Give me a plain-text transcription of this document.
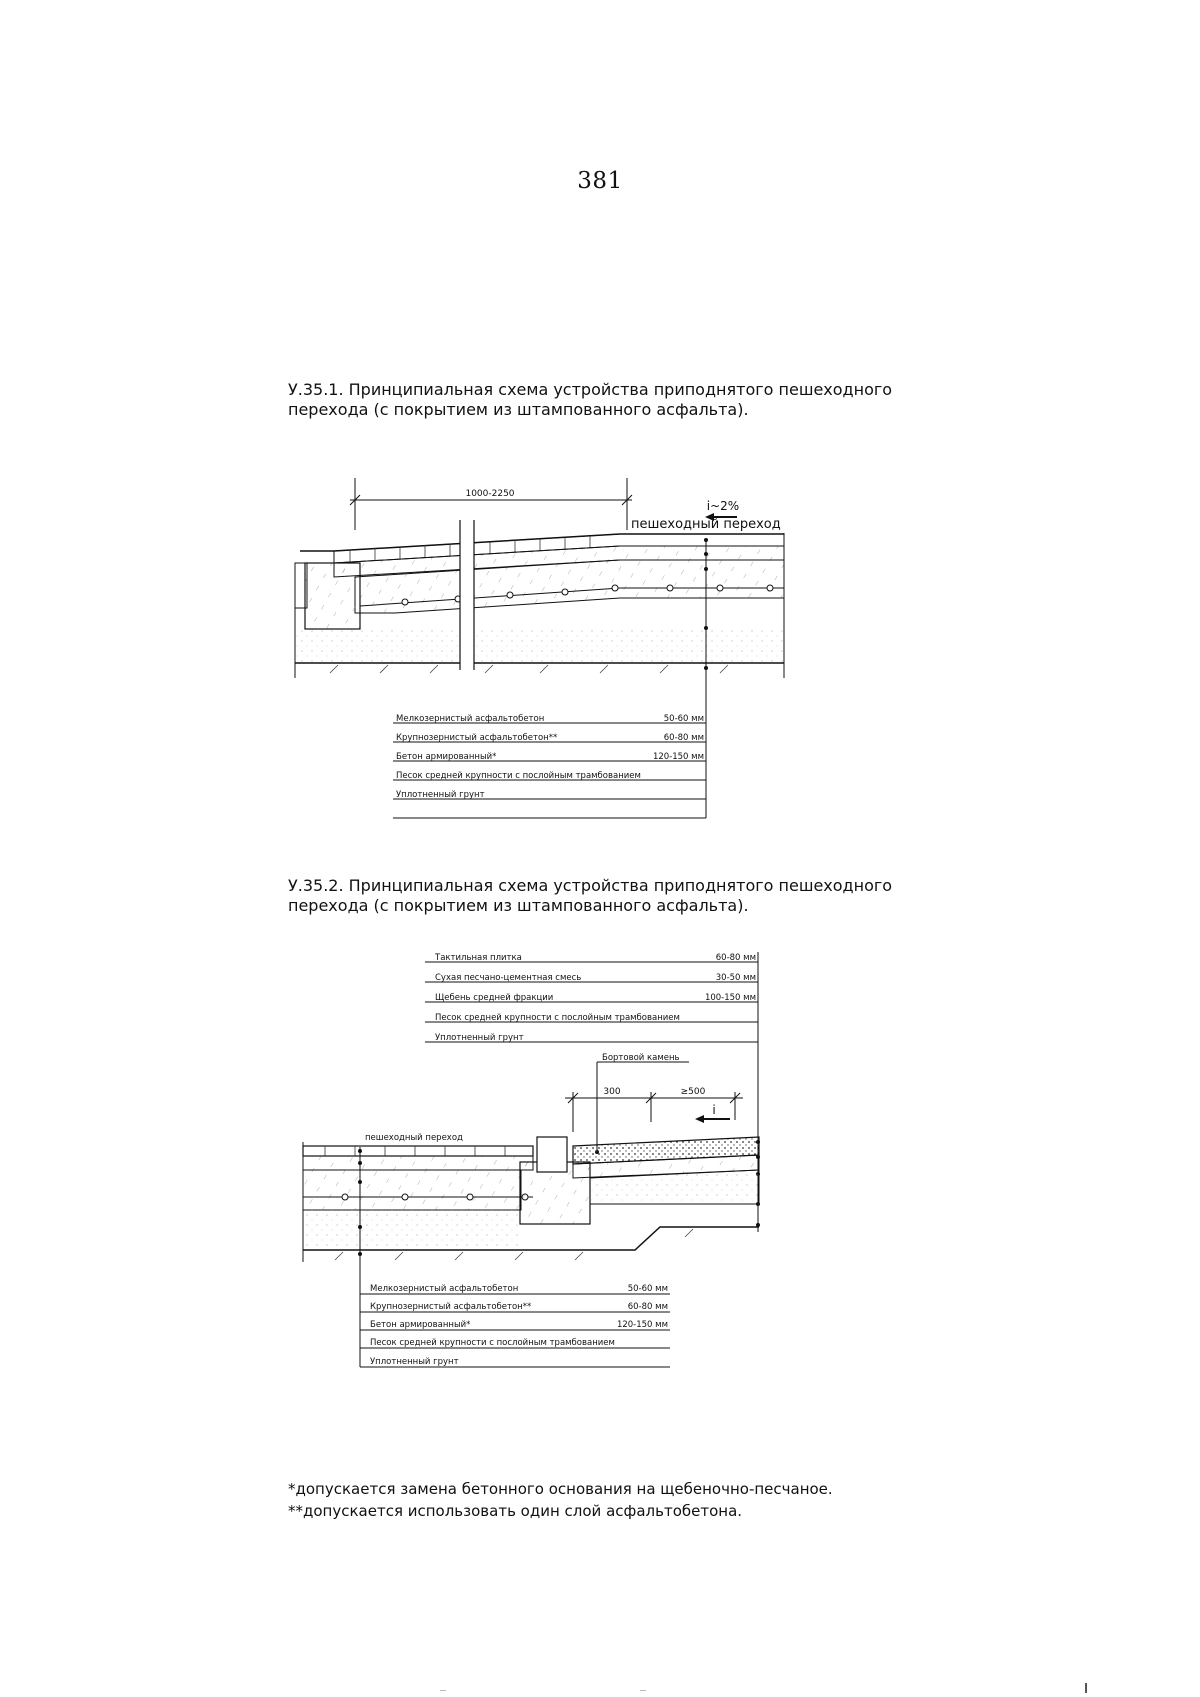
381
У.35.1. Принципиальная схема устройства приподнятого пешеходного
перехода (с покрытием из штампованного асфальта).
1000-2250
i~2%
пешеходный переход
Мелкозернистый асфальтобетон	50-60 мм
Крупнозернистый асфальтобетон**	60-80 мм
Бетон армированный*	120-150 мм
Песок средней крупности с послойным трамбованием
Уплотненный грунт
У.35.2. Принципиальная схема устройства приподнятого пешеходного
перехода (с покрытием из штампованного асфальта).
Тактильная плитка	60-80 мм
Сухая песчано-цементная смесь	30-50 мм
Щебень средней фракции	100-150 мм
Песок средней крупности с послойным трамбованием
Уплотненный грунт
Бортовой камень
300	≥500
i
пешеходный переход
Мелкозернистый асфальтобетон	50-60 мм
Крупнозернистый асфальтобетон**	60-80 мм
Бетон армированный*	120-150 мм
Песок средней крупности с послойным трамбованием
Уплотненный грунт
*допускается замена бетонного основания на щебеночно-песчаное.
**допускается использовать один слой асфальтобетона.
